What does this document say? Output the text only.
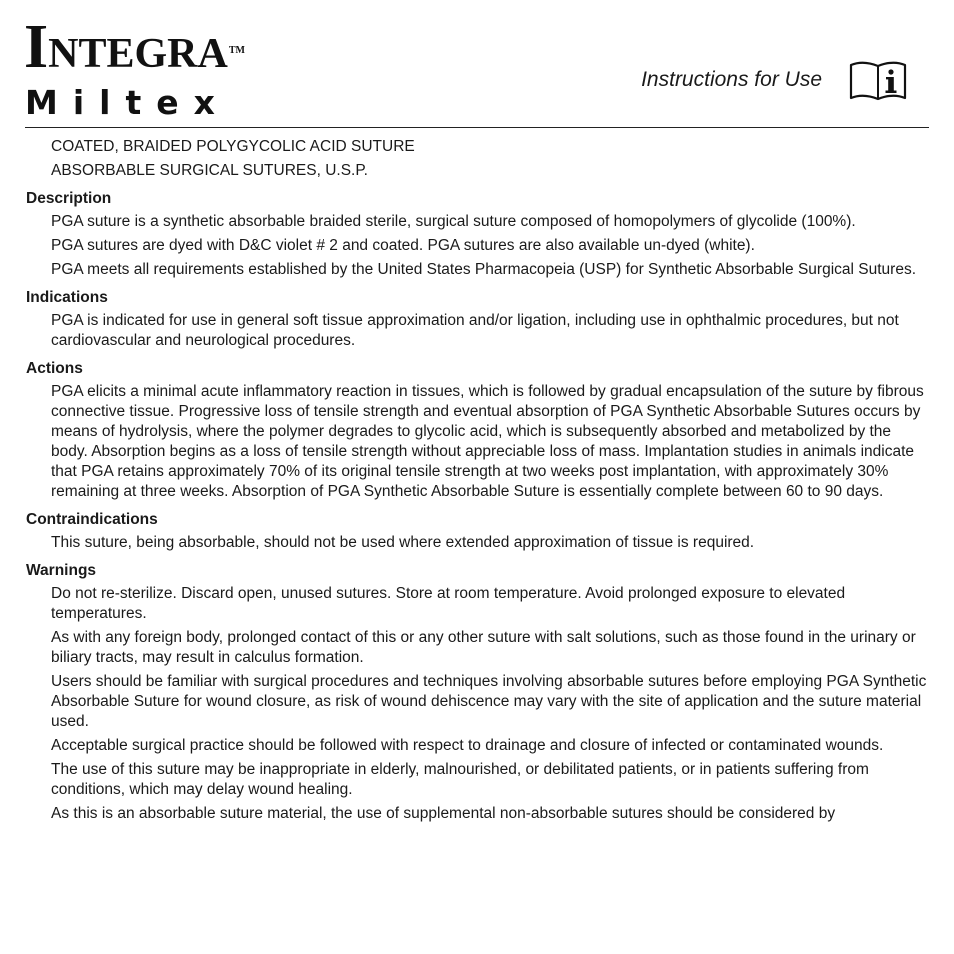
INTEGRA™
Miltex
Instructions for Use
COATED, BRAIDED POLYGYCOLIC ACID SUTURE
ABSORBABLE SURGICAL SUTURES, U.S.P.
Description
PGA suture is a synthetic absorbable braided sterile, surgical suture composed of homopolymers of glycolide (100%).
PGA sutures are dyed with D&C violet # 2 and coated. PGA sutures are also available un-dyed (white).
PGA meets all requirements established by the United States Pharmacopeia (USP) for Synthetic Absorbable Surgical Sutures.
Indications
PGA is indicated for use in general soft tissue approximation and/or ligation, including use in ophthalmic procedures, but not cardiovascular and neurological procedures.
Actions
PGA elicits a minimal acute inflammatory reaction in tissues, which is followed by gradual encapsulation of the suture by fibrous connective tissue. Progressive loss of tensile strength and eventual absorption of PGA Synthetic Absorbable Sutures occurs by means of hydrolysis, where the polymer degrades to glycolic acid, which is subsequently absorbed and metabolized by the body. Absorption begins as a loss of tensile strength without appreciable loss of mass. Implantation studies in animals indicate that PGA retains approximately 70% of its original tensile strength at two weeks post implantation, with approximately 30% remaining at three weeks. Absorption of PGA Synthetic Absorbable Suture is essentially complete between 60 to 90 days.
Contraindications
This suture, being absorbable, should not be used where extended approximation of tissue is required.
Warnings
Do not re-sterilize. Discard open, unused sutures. Store at room temperature. Avoid prolonged exposure to elevated temperatures.
As with any foreign body, prolonged contact of this or any other suture with salt solutions, such as those found in the urinary or biliary tracts, may result in calculus formation.
Users should be familiar with surgical procedures and techniques involving absorbable sutures before employing PGA Synthetic Absorbable Suture for wound closure, as risk of wound dehiscence may vary with the site of application and the suture material used.
Acceptable surgical practice should be followed with respect to drainage and closure of infected or contaminated wounds.
The use of this suture may be inappropriate in elderly, malnourished, or debilitated patients, or in patients suffering from conditions, which may delay wound healing.
As this is an absorbable suture material, the use of supplemental non-absorbable sutures should be considered by
